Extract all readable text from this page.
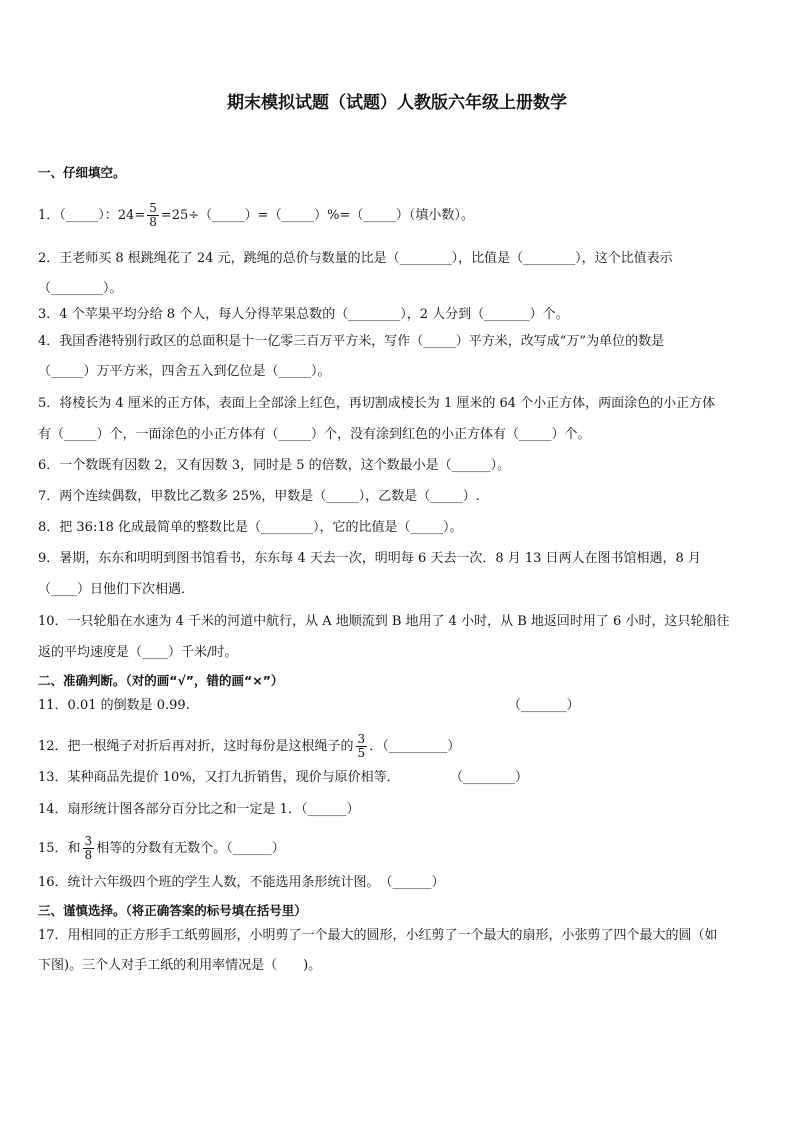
期末模拟试题（试题）人教版六年级上册数学
一、仔细填空。
1．（_____）：$24= \frac{5}{8}$ =25÷（_____）=（_____）%=（_____）（填小数）。
2．王老师买 8 根跳绳花了 24 元，跳绳的总价与数量的比是（________），比值是（________），这个比值表示
（________）。
3．4 个苹果平均分给 8 个人，每人分得苹果总数的（________），2 人分到（_______）个。
4．我国香港特别行政区的总面积是十一亿零三百万平方米，写作（_____）平方米，改写成“万”为单位的数是
（_____）万平方米，四舍五入到亿位是（_____）。
5．将棱长为 4 厘米的正方体，表面上全部涂上红色，再切割成棱长为 1 厘米的 64 个小正方体，两面涂色的小正方体
有（_____）个，一面涂色的小正方体有（_____）个，没有涂到红色的小正方体有（_____）个。
6．一个数既有因数 2，又有因数 3，同时是 5 的倍数，这个数最小是（______）。
7．两个连续偶数，甲数比乙数多 25%，甲数是（_____），乙数是（_____）.
8．把 36:18 化成最简单的整数比是（________），它的比值是（_____）。
9．暑期，东东和明明到图书馆看书，东东每 4 天去一次，明明每 6 天去一次．8 月 13 日两人在图书馆相遇，8 月
（____）日他们下次相遇．
10．一只轮船在水速为 4 千米的河道中航行，从 A 地顺流到 B 地用了 4 小时，从 B 地返回时用了 6 小时，这只轮船往
返的平均速度是（____）千米/时。
二、准确判断。（对的画“√”，错的画“×”）
11．0.01 的倒数是 0.99.	（_______）
12．把一根绳子对折后再对折，这时每份是这根绳子的 $\frac{3}{5}$ ．（_________）
13．某种商品先提价 10%，又打九折销售，现价与原价相等．	（________）
14．扇形统计图各部分百分比之和一定是 1．（______）
15．和 $\frac{3}{8}$ 相等的分数有无数个。（______）
16．统计六年级四个班的学生人数，不能选用条形统计图。　（______）
三、谨慎选择。（将正确答案的标号填在括号里）
17．用相同的正方形手工纸剪圆形，小明剪了一个最大的圆形，小红剪了一个最大的扇形，小张剪了四个最大的圆（如
下图)。三个人对手工纸的利用率情况是（　　)。
